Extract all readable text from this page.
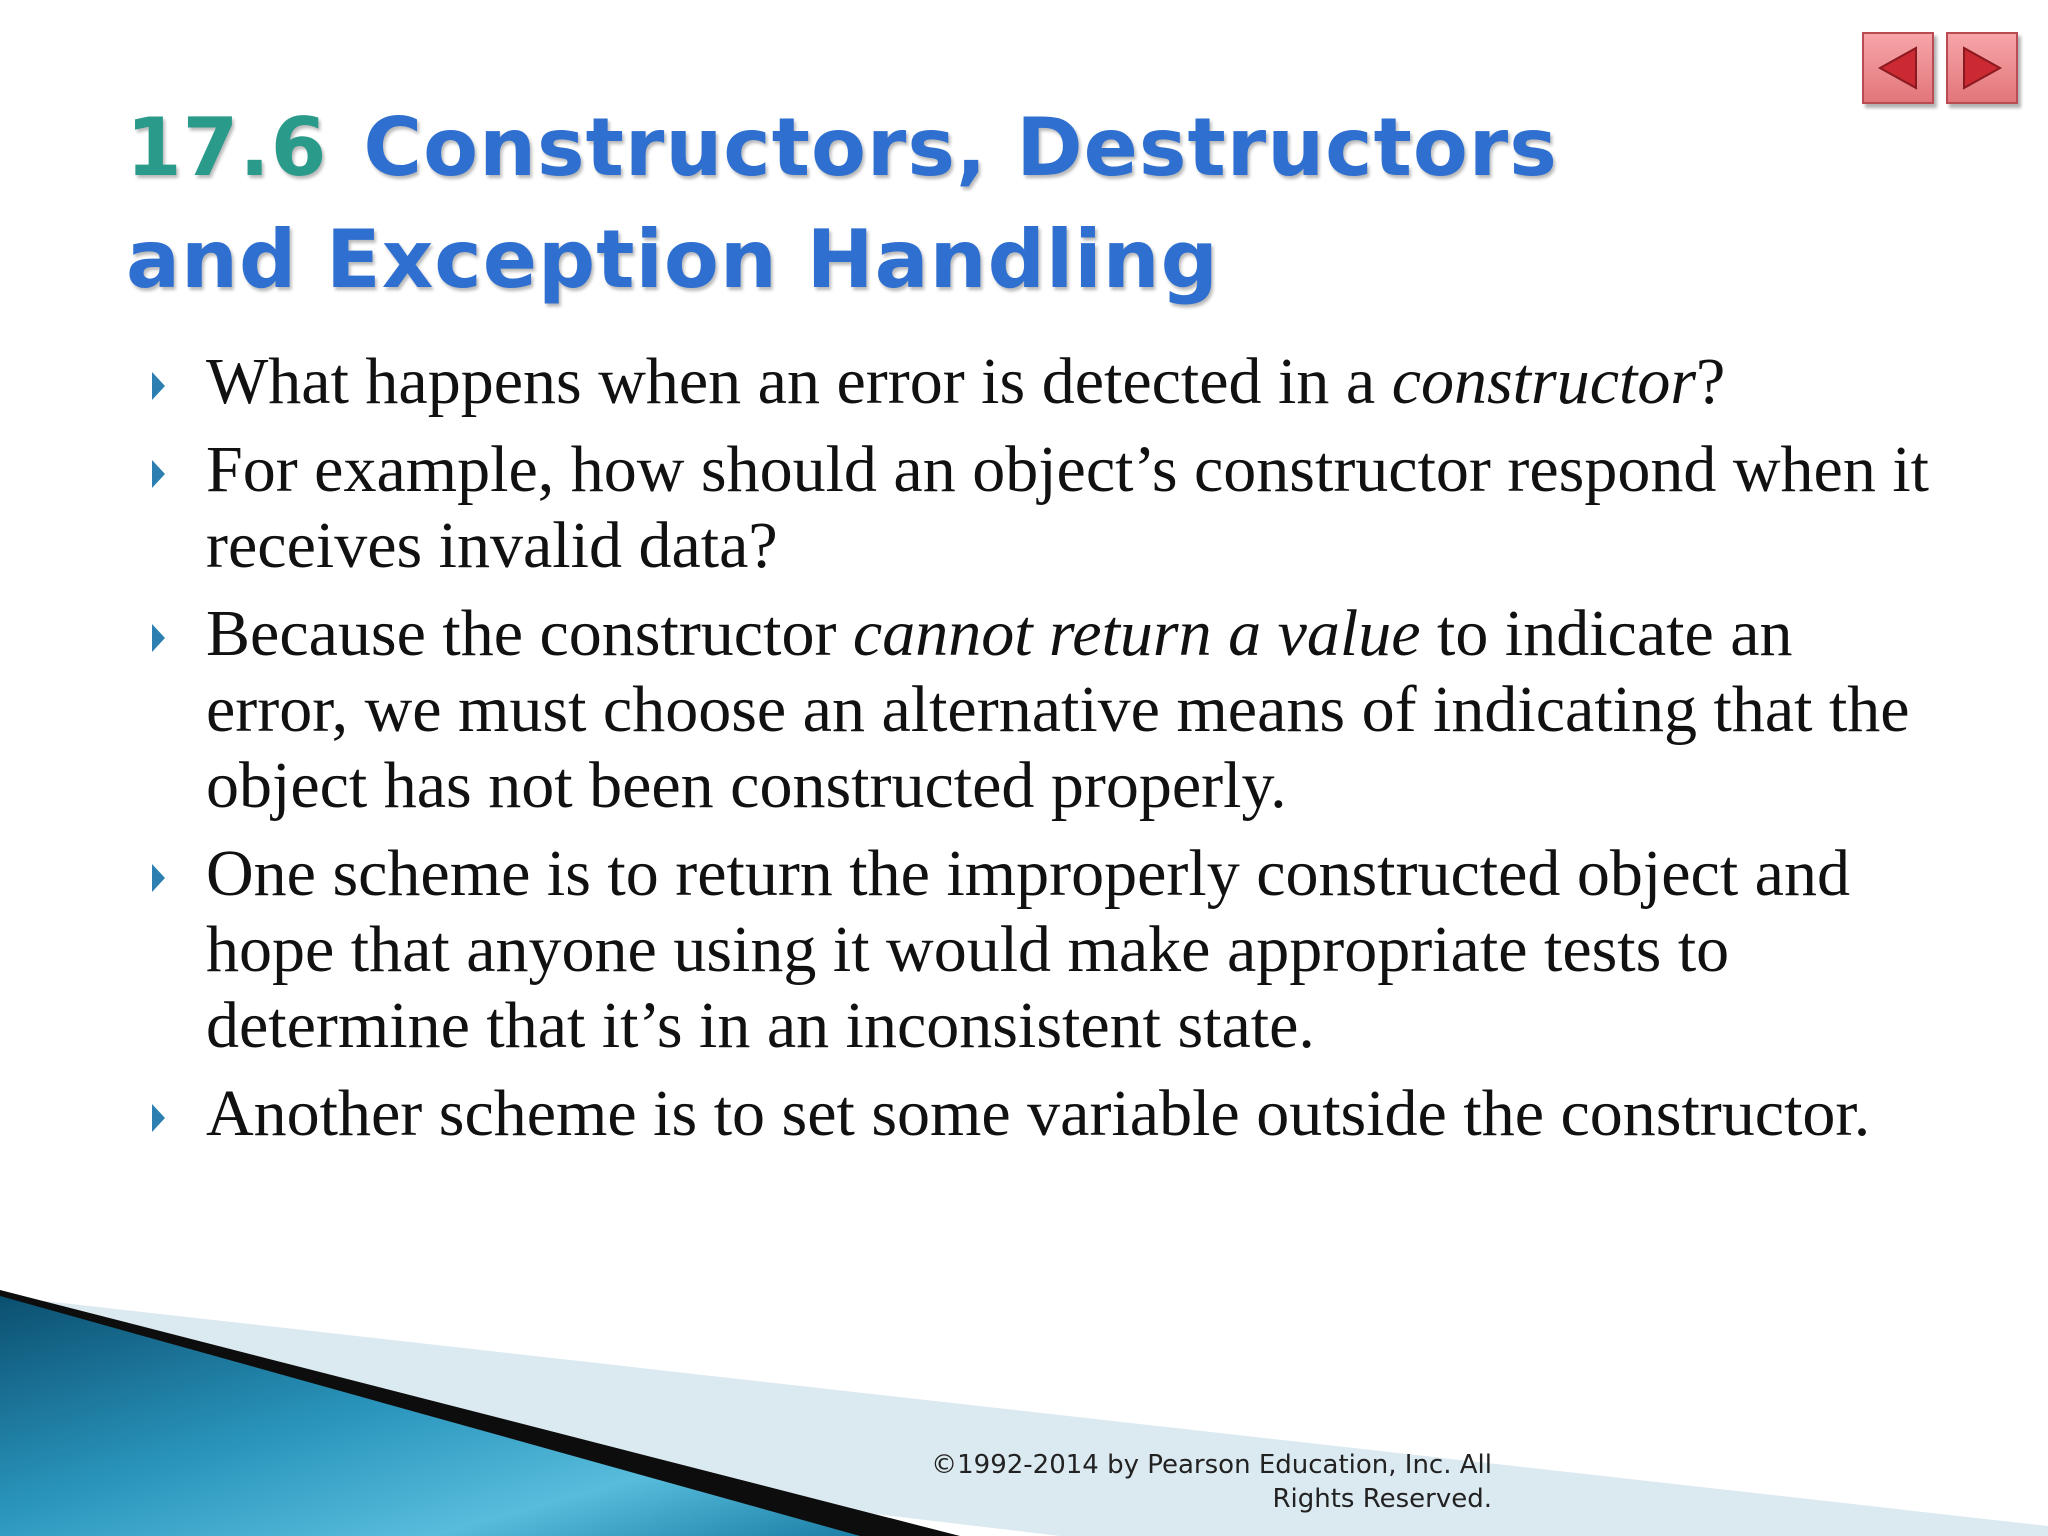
17.6 Constructors, Destructors and Exception Handling
What happens when an error is detected in a constructor?
For example, how should an object’s constructor respond when it receives invalid data?
Because the constructor cannot return a value to indicate an error, we must choose an alternative means of indicating that the object has not been constructed properly.
One scheme is to return the improperly constructed object and hope that anyone using it would make appropriate tests to determine that it’s in an inconsistent state.
Another scheme is to set some variable outside the constructor.
©1992-2014 by Pearson Education, Inc. All
Rights Reserved.
